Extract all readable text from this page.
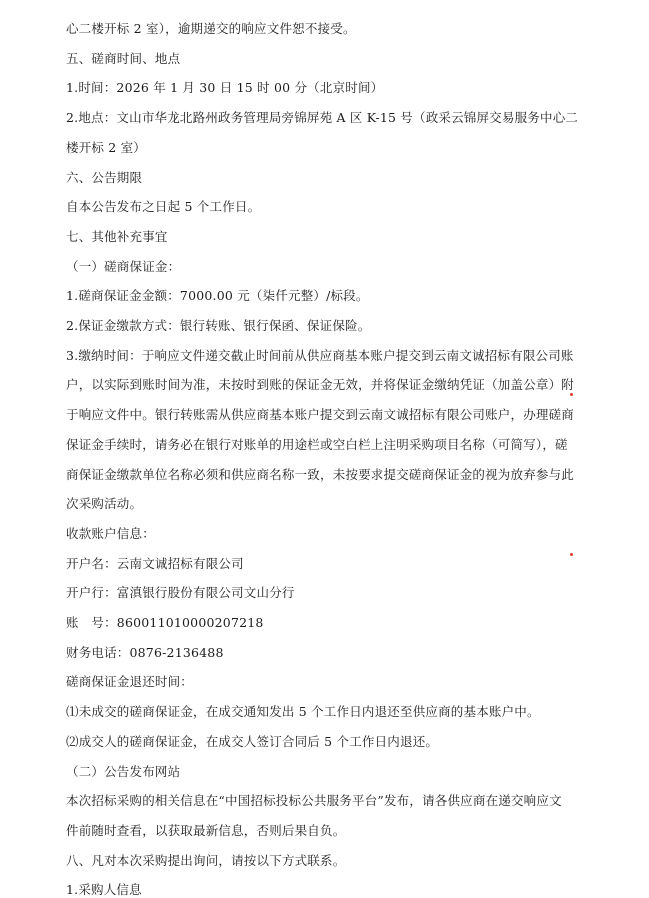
心二楼开标 2 室），逾期递交的响应文件恕不接受。
五、磋商时间、地点
1.时间：2026 年 1 月 30 日 15 时 00 分（北京时间）
2.地点：文山市华龙北路州政务管理局旁锦屏苑 A 区 K-15 号（政采云锦屏交易服务中心二
楼开标 2 室）
六、公告期限
自本公告发布之日起 5 个工作日。
七、其他补充事宜
（一）磋商保证金：
1.磋商保证金金额：7000.00 元（柒仟元整）/标段。
2.保证金缴款方式：银行转账、银行保函、保证保险。
3.缴纳时间：于响应文件递交截止时间前从供应商基本账户提交到云南文诚招标有限公司账
户，以实际到账时间为准，未按时到账的保证金无效，并将保证金缴纳凭证（加盖公章）附
于响应文件中。银行转账需从供应商基本账户提交到云南文诚招标有限公司账户，办理磋商
保证金手续时，请务必在银行对账单的用途栏或空白栏上注明采购项目名称（可简写），磋
商保证金缴款单位名称必须和供应商名称一致，未按要求提交磋商保证金的视为放弃参与此
次采购活动。
收款账户信息：
开户名：云南文诚招标有限公司
开户行：富滇银行股份有限公司文山分行
账　号：860011010000207218
财务电话：0876-2136488
磋商保证金退还时间：
⑴未成交的磋商保证金，在成交通知发出 5 个工作日内退还至供应商的基本账户中。
⑵成交人的磋商保证金，在成交人签订合同后 5 个工作日内退还。
（二）公告发布网站
本次招标采购的相关信息在“中国招标投标公共服务平台”发布，请各供应商在递交响应文
件前随时查看，以获取最新信息，否则后果自负。
八、凡对本次采购提出询问，请按以下方式联系。
1.采购人信息
